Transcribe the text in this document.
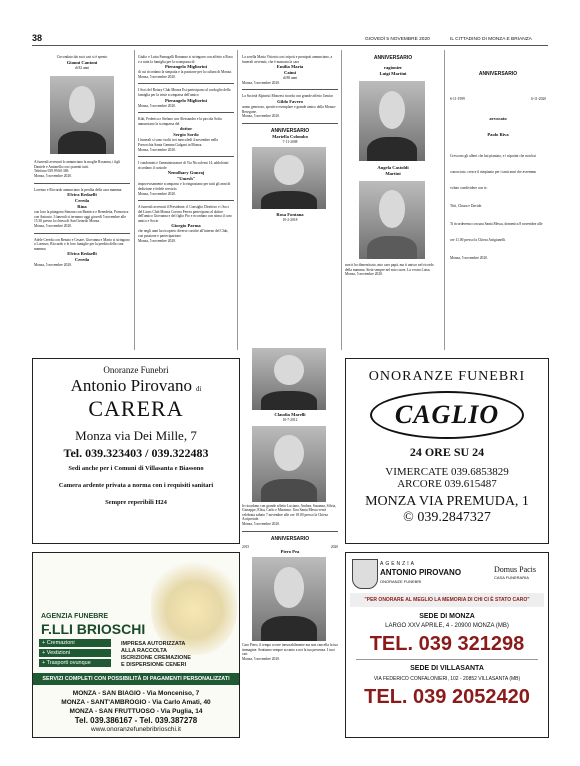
38	GIOVEDÌ 5 NOVEMBRE 2020	IL CITTADINO DI MONZA E BRIANZA
Circondato dai suoi cari si è spento
Gianni Cantoni
di 82 anni
A funerali avvenuti lo annunciano la moglie Rosanna, i figli Daniele e Antonella con i parenti tutti.
Telefono 039.99.60.369.
Monza, 5 novembre 2020.
Lorenzo e Riccardo annunciano la perdita della cara mamma
Elvira Redaelli
Cereda
Rina
con loro la piangono Simona con Beatrice e Benedetta, Francesca con Antonio. I funerali si terranno oggi giovedì 5 novembre alle 15.30 presso la chiesa di San Gerardo Monza.
Monza, 5 novembre 2020.
Adele Cereda con Renato e Cesare, Giovanna e Mario si stringono a Lorenzo, Riccardo e le loro famiglie per la perdita della cara mamma
Elvira Redaelli
Cereda
Monza, 5 novembre 2020.
Giulio e Luisa Fumagalli Bonanno si stringono con affetto a Rosa e a tutta la famiglia per la scomparsa di
Pierangelo Migliorini
di cui ricordano la simpatia e la passione per la cultura di Monza.
Monza, 5 novembre 2020.
I Soci del Rotary Club Monza Est partecipano al cordoglio della famiglia per la triste scomparsa dell'amico
Pierangelo Migliorini
Monza, 5 novembre 2020.
Kiki, Federica e Stefano con Alessandro e la piccola Sofia annunciano la scomparsa del
dottor
Sergio Sordo
I funerali si sono svolti ieri mercoledì 4 novembre nella Parrocchia Santa Gemma Galgani in Monza.
Monza, 5 novembre 2020.
I condomini e l'amministratore di Via Niccolemi 14, addolorati ricordano il custode
Nemdhary Gunraj
"Umesh"
improvvisamente scomparso e lo ringraziano per tutti gli anni di dedizione e fedele servizio.
Monza, 5 novembre 2020.
A funerali avvenuti il Presidente, il Consiglio Direttivo e i Soci del Lions Club Monza Corona Ferrea partecipano al dolore dell'amico Giovanna e del figlio Pio e ricordano con stima il caro amico e Socio
Giorgio Parma
che negli anni ha ricoperto diverse cariche all'interno del Club, con passione e partecipazione.
Monza, 5 novembre 2020.
La sorella Maria Vittoria con i nipoti e pronipoti annunciano, a funerali avvenuti, che è mancata la cara
Emilia Maria
Caimi
di 88 anni
Monza, 5 novembre 2020.
La Società Alpinisti Monzesi ricorda con grande affetto l'amico
Gildo Favero
uomo generoso, sportivo esemplare e grande amico della Monza-Resegone.
Monza, 5 novembre 2020.
ANNIVERSARIO
Mariella Colombo
7-11-2008
Rosa Fontana
10-2-2018
ANNIVERSARIO
ragionier
Luigi Martini
Angela Castoldi
Martini
non ti ho dimenticato, mio caro papà, ma ti unisco nel ricordo della mamma. Siete sempre nel mio cuore. La vostra Luisa.
Monza, 5 novembre 2020.
ANNIVERSARIO
6-11-1999	6-11-2020
avvocato
Paolo Riva
Crescono gli alberi che hai piantato, e i nipotini che non hai conosciuto, cresce il rimpianto per i tanti anni che avremmo voluto condividere con te.
Titti, Chiara e Davide.
Ti ricorderemo con una Santa Messa, domenica 8 novembre alle ore 11.00 presso la Chiesa Artigianelli.
Monza, 5 novembre 2020.
Onoranze Funebri
Antonio Pirovano di
CARERA
Monza via Dei Mille, 7
Tel. 039.323403 / 039.322483
Sedi anche per i Comuni di Villasanta e Biassono
Camera ardente privata a norma con i requisiti sanitari
Sempre reperibili H24
Claudia Marelli
10-7-2012
le ricordano con grande affetto Luciano, Andrea, Susanna, Silvia, Giuseppe, Elisa, Carlo e Massimo. Una Santa Messa verrà celebrata sabato 7 novembre alle ore 18.00 presso la Chiesa Arcipretale.
Monza, 5 novembre 2020.
ANNIVERSARIO
2015	2020
Piero Pea
Caro Piero, il tempo scorre inesorabilmente ma non cancella la tua immagine. Sentiamo sempre accanto a noi la tua presenza. I tuoi cari.
Monza, 5 novembre 2020.
ONORANZE FUNEBRI
CAGLIO
24 ORE SU 24
VIMERCATE 039.6853829
ARCORE 039.615487
MONZA VIA PREMUDA, 1
© 039.2847327
AGENZIA FUNEBRE
F.LLI BRIOSCHI
+ Cremazioni
+ Vestizioni
+ Trasporti ovunque
IMPRESA AUTORIZZATA
ALLA RACCOLTA
ISCRIZIONE CREMAZIONE
E DISPERSIONE CENERI
SERVIZI COMPLETI CON POSSIBILITÀ DI PAGAMENTI PERSONALIZZATI
MONZA - SAN BIAGIO - Via Monceniso, 7
MONZA - SANT'AMBROGIO - Via Carlo Amati, 40
MONZA - SAN FRUTTUOSO - Via Puglia, 14
Tel. 039.386167 - Tel. 039.387278
www.onoranzefunebribrioschi.it
AGENZIA
ANTONIO PIROVANO
ONORANZE FUNEBRI
Domus Pacis
CASA FUNERARIA
"PER ONORARE AL MEGLIO LA MEMORIA DI CHI CI È STATO CARO"
SEDE DI MONZA
LARGO XXV APRILE, 4 - 20900 MONZA (MB)
TEL. 039 321298
SEDE DI VILLASANTA
VIA FEDERICO CONFALONIERI, 102 - 20852 VILLASANTA (MB)
TEL. 039 2052420
